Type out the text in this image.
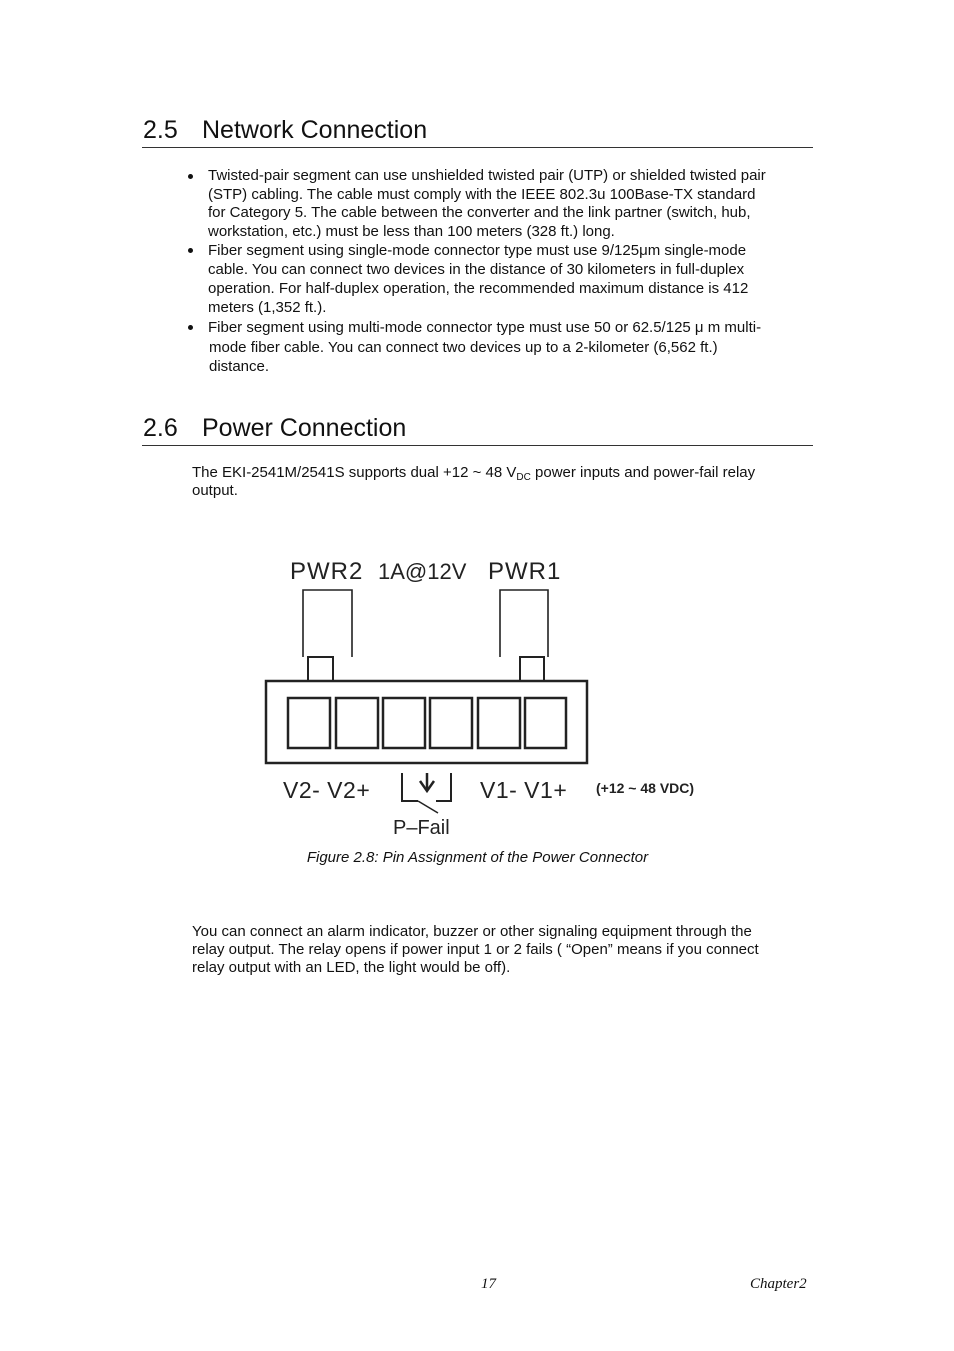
2.5 Network Connection
Twisted-pair segment can use unshielded twisted pair (UTP) or shielded twisted pair
(STP) cabling. The cable must comply with the IEEE 802.3u 100Base-TX standard
for Category 5. The cable between the converter and the link partner (switch, hub,
workstation, etc.) must be less than 100 meters (328 ft.) long.
Fiber segment using single-mode connector type must use 9/125μm single-mode
cable. You can connect two devices in the distance of 30 kilometers in full-duplex
operation. For half-duplex operation, the recommended maximum distance is 412
meters (1,352 ft.).
Fiber segment using multi-mode connector type must use 50 or 62.5/125 μ m multi-
mode fiber cable. You can connect two devices up to a 2-kilometer (6,562 ft.)
distance.
2.6 Power Connection
The EKI-2541M/2541S supports dual +12 ~ 48 $V_{DC}$ power inputs and power-fail relay
output.
PWR2 1A@12V PWR1
V2- V2+	V1- V1+ (+12 ~ 48 VDC)
P–Fail
Figure 2.8: Pin Assignment of the Power Connector
You can connect an alarm indicator, buzzer or other signaling equipment through the
relay output. The relay opens if power input 1 or 2 fails ( “Open” means if you connect
relay output with an LED, the light would be off).
17	Chapter2
